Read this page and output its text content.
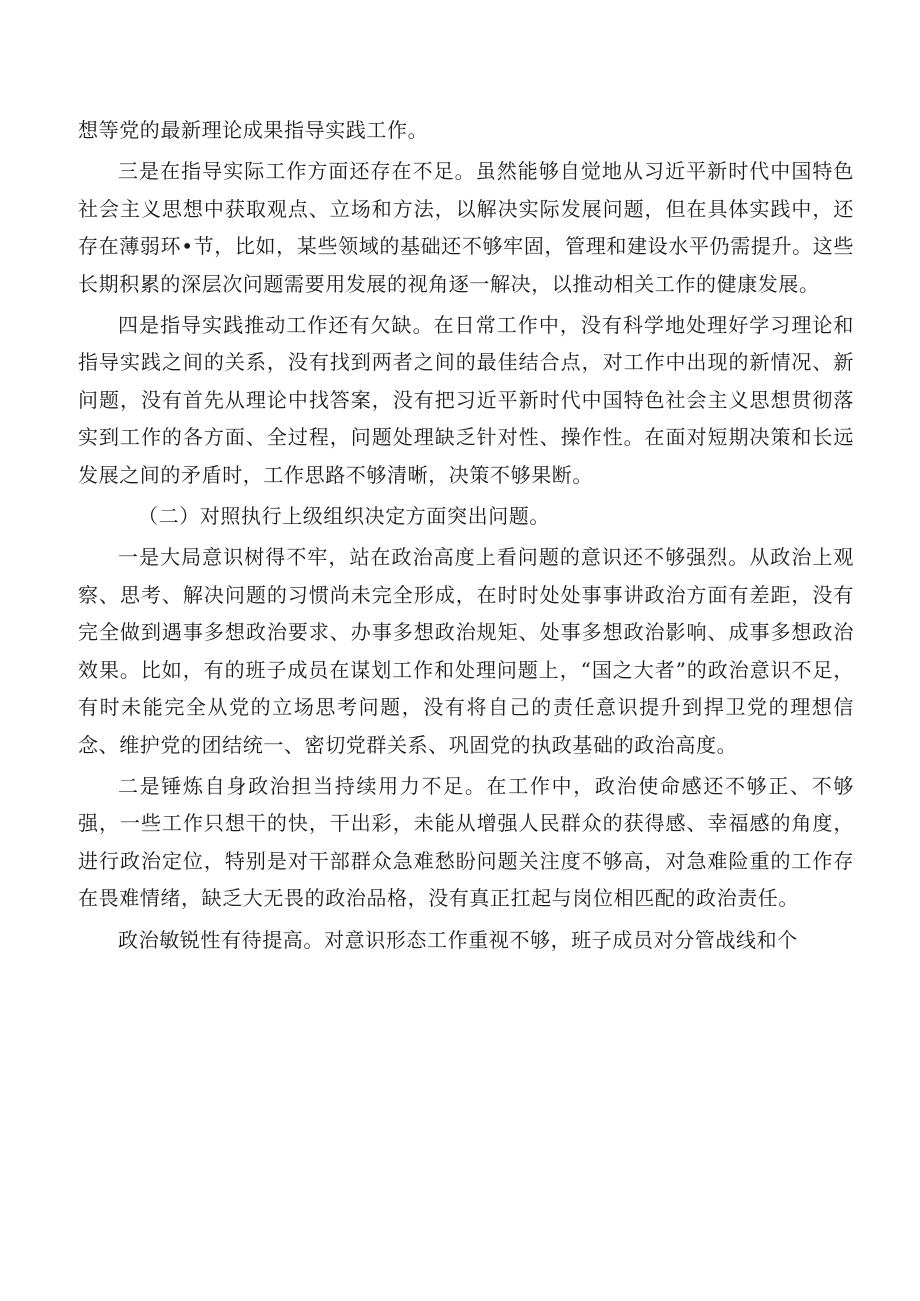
想等党的最新理论成果指导实践工作。

三是在指导实际工作方面还存在不足。虽然能够自觉地从习近平新时代中国特色社会主义思想中获取观点、立场和方法，以解决实际发展问题，但在具体实践中，还存在薄弱环•节，比如，某些领域的基础还不够牢固，管理和建设水平仍需提升。这些长期积累的深层次问题需要用发展的视角逐一解决，以推动相关工作的健康发展。

四是指导实践推动工作还有欠缺。在日常工作中，没有科学地处理好学习理论和指导实践之间的关系，没有找到两者之间的最佳结合点，对工作中出现的新情况、新问题，没有首先从理论中找答案，没有把习近平新时代中国特色社会主义思想贯彻落实到工作的各方面、全过程，问题处理缺乏针对性、操作性。在面对短期决策和长远发展之间的矛盾时，工作思路不够清晰，决策不够果断。

（二）对照执行上级组织决定方面突出问题。

一是大局意识树得不牢，站在政治高度上看问题的意识还不够强烈。从政治上观察、思考、解决问题的习惯尚未完全形成，在时时处处事事讲政治方面有差距，没有完全做到遇事多想政治要求、办事多想政治规矩、处事多想政治影响、成事多想政治效果。比如，有的班子成员在谋划工作和处理问题上，“国之大者”的政治意识不足，有时未能完全从党的立场思考问题，没有将自己的责任意识提升到捍卫党的理想信念、维护党的团结统一、密切党群关系、巩固党的执政基础的政治高度。

二是锤炼自身政治担当持续用力不足。在工作中，政治使命感还不够正、不够强，一些工作只想干的快，干出彩，未能从增强人民群众的获得感、幸福感的角度，进行政治定位，特别是对干部群众急难愁盼问题关注度不够高，对急难险重的工作存在畏难情绪，缺乏大无畏的政治品格，没有真正扛起与岗位相匹配的政治责任。

政治敏锐性有待提高。对意识形态工作重视不够，班子成员对分管战线和个
